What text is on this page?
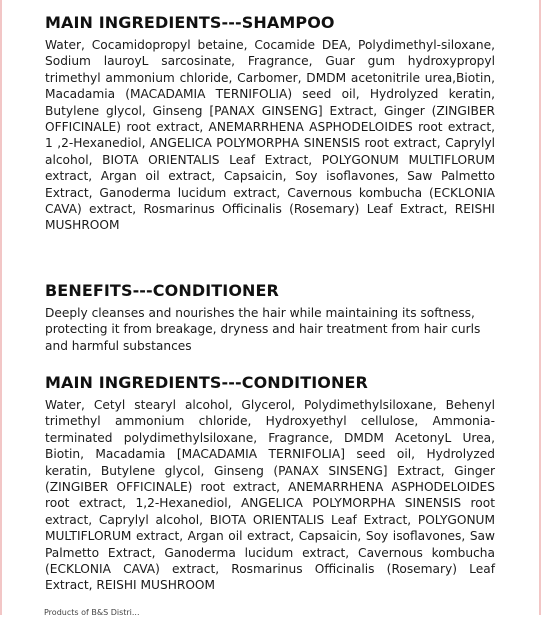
MAIN INGREDIENTS---SHAMPOO

Water, Cocamidopropyl betaine, Cocamide DEA, Polydimethyl-siloxane, Sodium lauroyL sarcosinate, Fragrance, Guar gum hydroxypropyl trimethyl ammonium chloride, Carbomer, DMDM acetonitrile urea,Biotin, Macadamia (MACADAMIA TERNIFOLIA) seed oil, Hydrolyzed keratin, Butylene glycol, Ginseng [PANAX GINSENG] Extract, Ginger (ZINGIBER OFFICINALE) root extract, ANEMARRHENA ASPHODELOIDES root extract, 1 ,2-Hexanediol, ANGELICA POLYMORPHA SINENSIS root extract, Caprylyl alcohol, BIOTA ORIENTALIS Leaf Extract, POLYGONUM MULTIFLORUM extract, Argan oil extract, Capsaicin, Soy isoflavones, Saw Palmetto Extract, Ganoderma lucidum extract, Cavernous kombucha (ECKLONIA CAVA) extract, Rosmarinus Officinalis (Rosemary) Leaf Extract, REISHI MUSHROOM

BENEFITS---CONDITIONER

Deeply cleanses and nourishes the hair while maintaining its softness, protecting it from breakage, dryness and hair treatment from hair curls and harmful substances

MAIN INGREDIENTS---CONDITIONER

Water, Cetyl stearyl alcohol, Glycerol, Polydimethylsiloxane, Behenyl trimethyl ammonium chloride, Hydroxyethyl cellulose, Ammonia-terminated polydimethylsiloxane, Fragrance, DMDM AcetonyL Urea, Biotin, Macadamia [MACADAMIA TERNIFOLIA] seed oil, Hydrolyzed keratin, Butylene glycol, Ginseng (PANAX SINSENG] Extract, Ginger (ZINGIBER OFFICINALE) root extract, ANEMARRHENA ASPHODELOIDES root extract, 1,2-Hexanediol, ANGELICA POLYMORPHA SINENSIS root extract, Caprylyl alcohol, BIOTA ORIENTALIS Leaf Extract, POLYGONUM MULTIFLORUM extract, Argan oil extract, Capsaicin, Soy isoflavones, Saw Palmetto Extract, Ganoderma lucidum extract, Cavernous kombucha (ECKLONIA CAVA) extract, Rosmarinus Officinalis (Rosemary) Leaf Extract, REISHI MUSHROOM

Products of B&S Distri...
